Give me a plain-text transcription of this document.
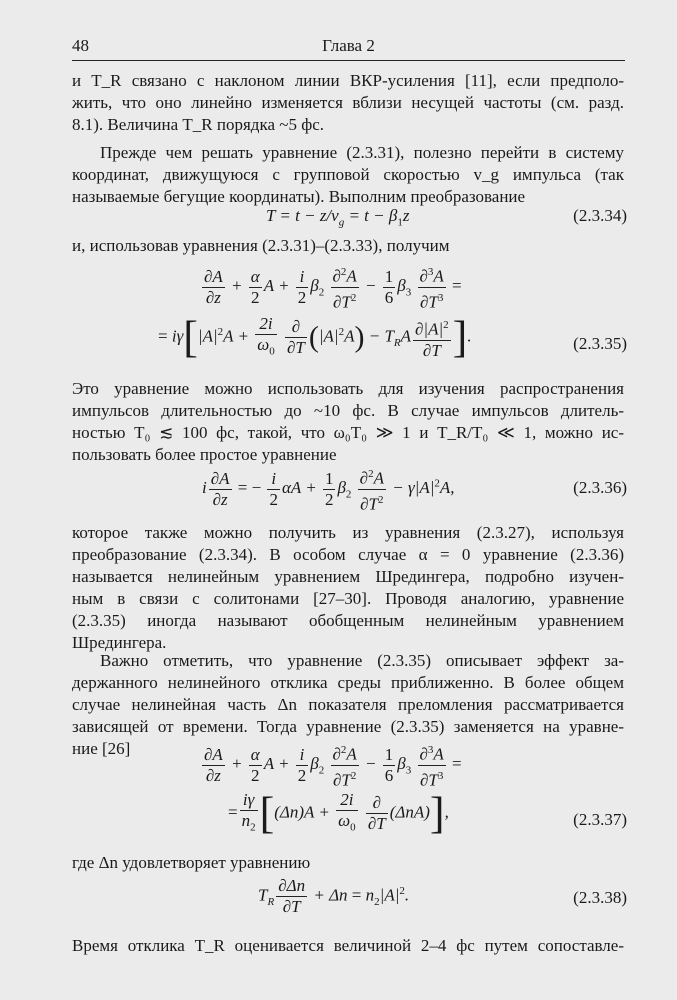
48	Глава 2
и T_R связано с наклоном линии ВКР-усиления [11], если предполо-
жить, что оно линейно изменяется вблизи несущей частоты (см. разд.
8.1). Величина T_R порядка ~5 фс.
Прежде чем решать уравнение (2.3.31), полезно перейти в систему
координат, движущуюся с групповой скоростью v_g импульса (так
называемые бегущие координаты). Выполним преобразование
$T = t - z/v_g = t - \beta_1z$	(2.3.34)
и, использовав уравнения (2.3.31)–(2.3.33), получим
$\frac{\partial A}{\partial z} + \frac{\alpha}{2}$ $A + \frac{i}{2} \beta_2 \frac{\partial^2A}{\partial T^2} - \frac{1}{6} \beta_3 \frac{\partial^3A}{\partial T^3}$ =
= $i\gamma[|A|^2A + \frac{2i}{\omega_0}$
$\frac{\partial}{\partial T} (|A|^2A) - T_RA \frac{\partial|A|^2}{\partial T}$ ].	(2.3.35)
Это уравнение можно использовать для изучения распространения
импульсов длительностью до ~10 фс. В случае импульсов длитель-
ностью T₀ ≲ 100 фс, такой, что ω₀T₀ ≫ 1 и T_R/T₀ ≪ 1, можно ис-
пользовать более простое уравнение
i $\frac{\partial A}{\partial z}$ = − $\frac{i}{2}$ $\alpha A + \frac{1}{2} \beta_2 \frac{\partial^2A}{\partial T^2} - \gamma|A|^2A$,	(2.3.36)
которое также можно получить из уравнения (2.3.27), используя
преобразование (2.3.34). В особом случае α = 0 уравнение (2.3.36)
называется нелинейным уравнением Шредингера, подробно изучен-
ным в связи с солитонами [27–30]. Проводя аналогию, уравнение
(2.3.35) иногда называют обобщенным нелинейным уравнением
Шредингера.
Важно отметить, что уравнение (2.3.35) описывает эффект за-
держанного нелинейного отклика среды приближенно. В более общем
случае нелинейная часть Δn показателя преломления рассматривается
зависящей от времени. Тогда уравнение (2.3.35) заменяется на уравне-
ние [26]	$\frac{\partial A}{\partial z} + \frac{\alpha}{2}$ $A + \frac{i}{2} \beta_2 \frac{\partial^2A}{\partial T^2} - \frac{1}{6} \beta_3 \frac{\partial^3A}{\partial T^3}$ =
= $\frac{i\gamma}{n_2} [(\Delta n)A + \frac{2i}{\omega_0}$
$\frac{\partial}{\partial T} (\Delta nA)$],	(2.3.37)
где Δn удовлетворяет уравнению
$T_R \frac{\partial\Delta n}{\partial T} + \Delta n = n_2|A|^2$.	(2.3.38)
Время отклика T_R оценивается величиной 2–4 фс путем сопоставле-
